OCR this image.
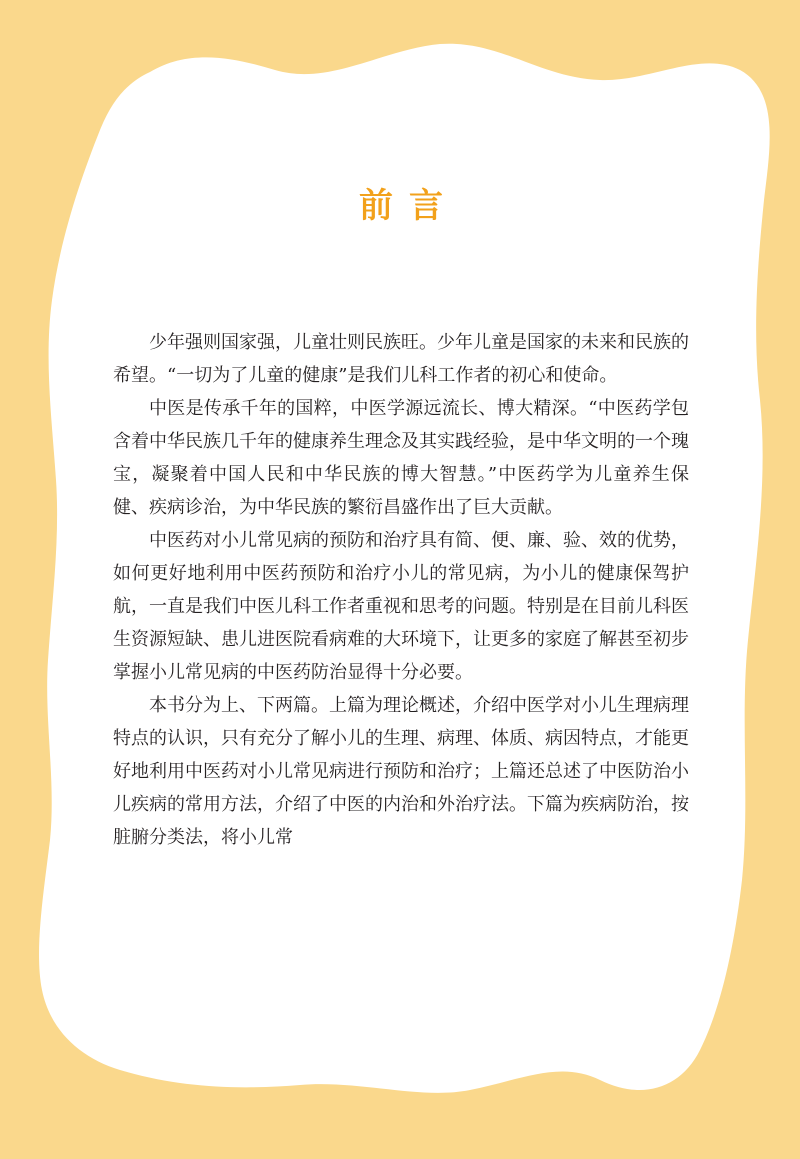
前 言

少年强则国家强，儿童壮则民族旺。少年儿童是国家的未来和民族的希望。“一切为了儿童的健康”是我们儿科工作者的初心和使命。

中医是传承千年的国粹，中医学源远流长、博大精深。“中医药学包含着中华民族几千年的健康养生理念及其实践经验，是中华文明的一个瑰宝，凝聚着中国人民和中华民族的博大智慧。”中医药学为儿童养生保健、疾病诊治，为中华民族的繁衍昌盛作出了巨大贡献。

中医药对小儿常见病的预防和治疗具有简、便、廉、验、效的优势，如何更好地利用中医药预防和治疗小儿的常见病，为小儿的健康保驾护航，一直是我们中医儿科工作者重视和思考的问题。特别是在目前儿科医生资源短缺、患儿进医院看病难的大环境下，让更多的家庭了解甚至初步掌握小儿常见病的中医药防治显得十分必要。

本书分为上、下两篇。上篇为理论概述，介绍中医学对小儿生理病理特点的认识，只有充分了解小儿的生理、病理、体质、病因特点，才能更好地利用中医药对小儿常见病进行预防和治疗；上篇还总述了中医防治小儿疾病的常用方法，介绍了中医的内治和外治疗法。下篇为疾病防治，按脏腑分类法，将小儿常
